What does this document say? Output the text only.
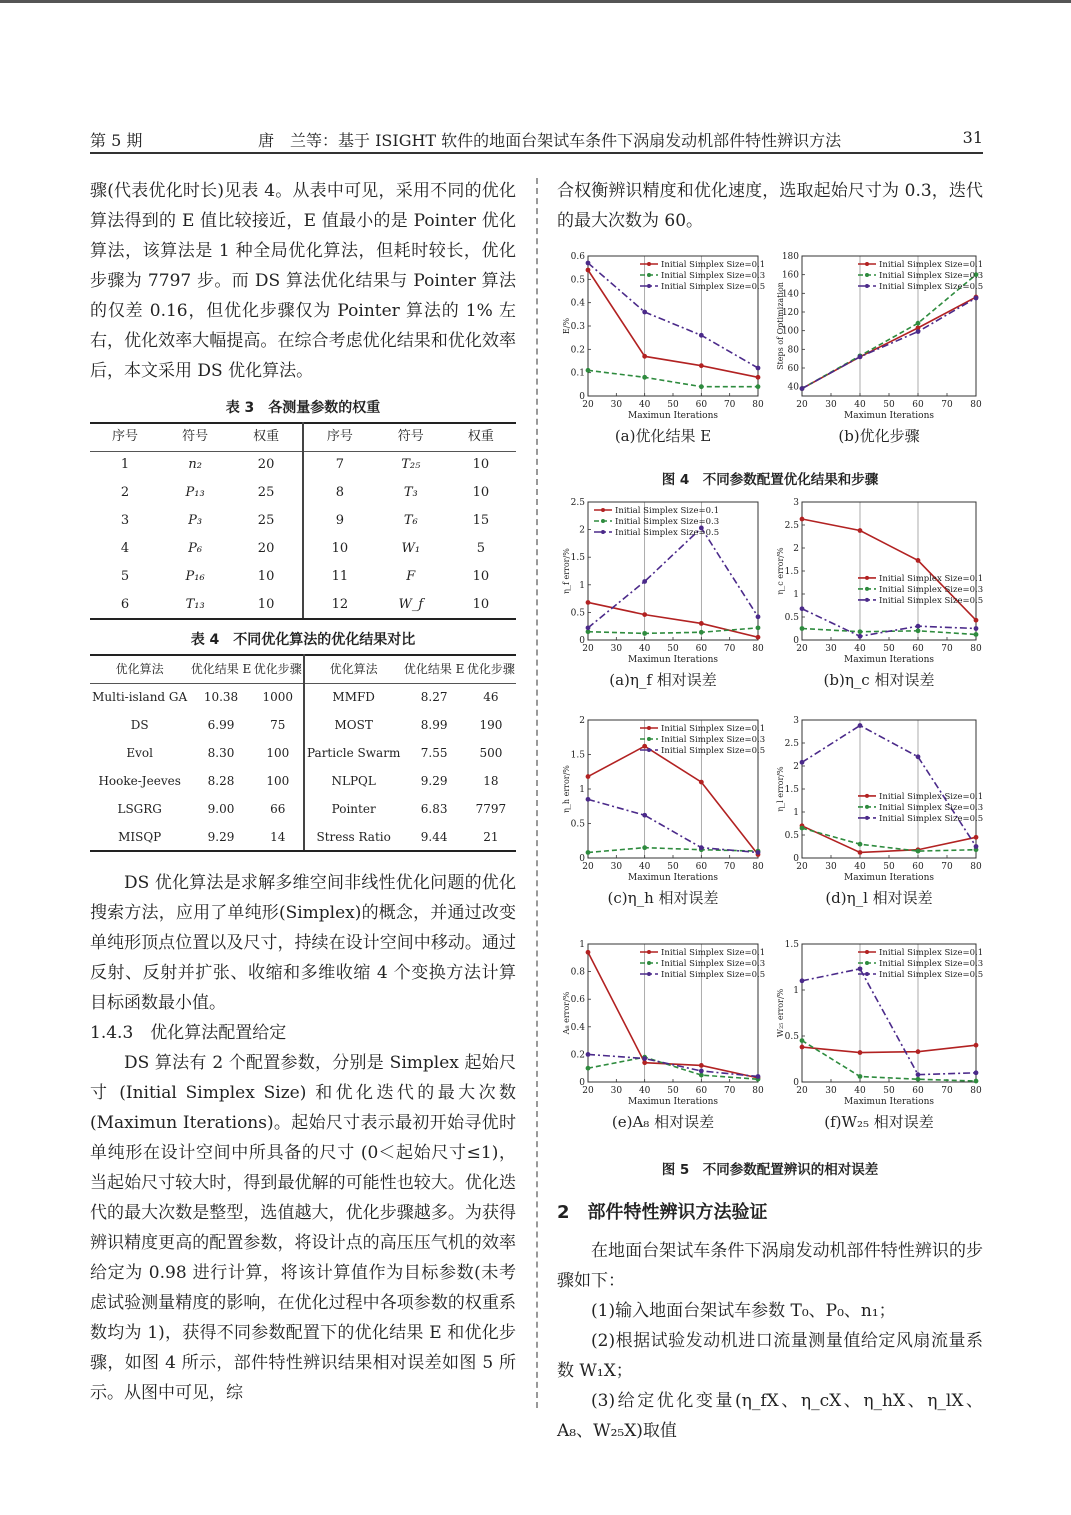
第 5 期	唐　兰等：基于 ISIGHT 软件的地面台架试车条件下涡扇发动机部件特性辨识方法	31

骤(代表优化时长)见表 4。从表中可见，采用不同的优化算法得到的 E 值比较接近，E 值最小的是 Pointer 优化算法，该算法是 1 种全局优化算法，但耗时较长，优化步骤为 7797 步。而 DS 算法优化结果与 Pointer 算法的仅差 0.16，但优化步骤仅为 Pointer 算法的 1% 左右，优化效率大幅提高。在综合考虑优化结果和优化效率后，本文采用 DS 优化算法。

表 3　各测量参数的权重
序号	符号	权重	序号	符号	权重
1	n₂	20	7	T₂₅	10
2	P₁₃	25	8	T₃	10
3	P₃	25	9	T₆	15
4	P₆	20	10	W₁	5
5	P₁₆	10	11	F	10
6	T₁₃	10	12	W_f	10
表 4　不同优化算法的优化结果对比
优化算法	优化结果 E	优化步骤	优化算法	优化结果 E	优化步骤
Multi-island GA	10.38	1000	MMFD	8.27	46
DS	6.99	75	MOST	8.99	190
Evol	8.30	100	Particle Swarm	7.55	500
Hooke-Jeeves	8.28	100	NLPQL	9.29	18
LSGRG	9.00	66	Pointer	6.83	7797
MISQP	9.29	14	Stress Ratio	9.44	21

DS 优化算法是求解多维空间非线性优化问题的优化搜索方法，应用了单纯形(Simplex)的概念，并通过改变单纯形顶点位置以及尺寸，持续在设计空间中移动。通过反射、反射并扩张、收缩和多维收缩 4 个变换方法计算目标函数最小值。

1.4.3　优化算法配置给定

DS 算法有 2 个配置参数，分别是 Simplex 起始尺寸 (Initial Simplex Size) 和优化迭代的最大次数 (Maximun Iterations)。起始尺寸表示最初开始寻优时单纯形在设计空间中所具备的尺寸 (0＜起始尺寸≤1)，当起始尺寸较大时，得到最优解的可能性也较大。优化迭代的最大次数是整型，选值越大，优化步骤越多。为获得辨识精度更高的配置参数，将设计点的高压压气机的效率给定为 0.98 进行计算，将该计算值作为目标参数(未考虑试验测量精度的影响，在优化过程中各项参数的权重系数均为 1)，获得不同参数配置下的优化结果 E 和优化步骤，如图 4 所示，部件特性辨识结果相对误差如图 5 所示。从图中可见，综

合权衡辨识精度和优化速度，选取起始尺寸为 0.3，迭代的最大次数为 60。

0
0.1
0.2
0.3
0.4
0.5
0.6
20 30 40 50 60 70 80
Maximun Iterations
E/%
Initial Simplex Size=0.1
Initial Simplex Size=0.3
Initial Simplex Size=0.5
(a)优化结果 E
40
60
80
100
120
140
160
180
20 30 40 50 60 70 80
Maximun Iterations
Steps of Optimization
Initial Simplex Size=0.1
Initial Simplex Size=0.3
Initial Simplex Size=0.5
(b)优化步骤
0
0.5
1
1.5
2
2.5
20 30 40 50 60 70 80
Maximun Iterations
η_f error/%
Initial Simplex Size=0.1
Initial Simplex Size=0.3
Initial Simplex Size=0.5
(a)η_f 相对误差
0
0.5
1
1.5
2
2.5
3
20 30 40 50 60 70 80
Maximun Iterations
η_c error/%	Initial Simplex Size=0.1
Initial Simplex Size=0.3
Initial Simplex Size=0.5
(b)η_c 相对误差
0
0.5
1
1.5
2
20 30 40 50 60 70 80
Maximun Iterations
η_h error/%
Initial Simplex Size=0.1
Initial Simplex Size=0.3
Initial Simplex Size=0.5
(c)η_h 相对误差
0
0.5
1
1.5
2
2.5
3
20 30 40 50 60 70 80
Maximun Iterations
η_l error/%	Initial Simplex Size=0.1
Initial Simplex Size=0.3
Initial Simplex Size=0.5
(d)η_l 相对误差
0
0.2
0.4
0.6
0.8
1
20 30 40 50 60 70 80
Maximun Iterations
A₈ error/%
Initial Simplex Size=0.1
Initial Simplex Size=0.3
Initial Simplex Size=0.5
(e)A₈ 相对误差
0
0.5
1
1.5
20 30 40 50 60 70 80
Maximun Iterations
W₂₅ error/%
Initial Simplex Size=0.1
Initial Simplex Size=0.3
Initial Simplex Size=0.5
(f)W₂₅ 相对误差
图 4　不同参数配置优化结果和步骤
图 5　不同参数配置辨识的相对误差

2　部件特性辨识方法验证

在地面台架试车条件下涡扇发动机部件特性辨识的步骤如下：

(1)输入地面台架试车参数 T₀、P₀、n₁；

(2)根据试验发动机进口流量测量值给定风扇流量系数 W₁X；

(3)给定优化变量(η_fX、η_cX、η_hX、η_lX、A₈、W₂₅X)取值
